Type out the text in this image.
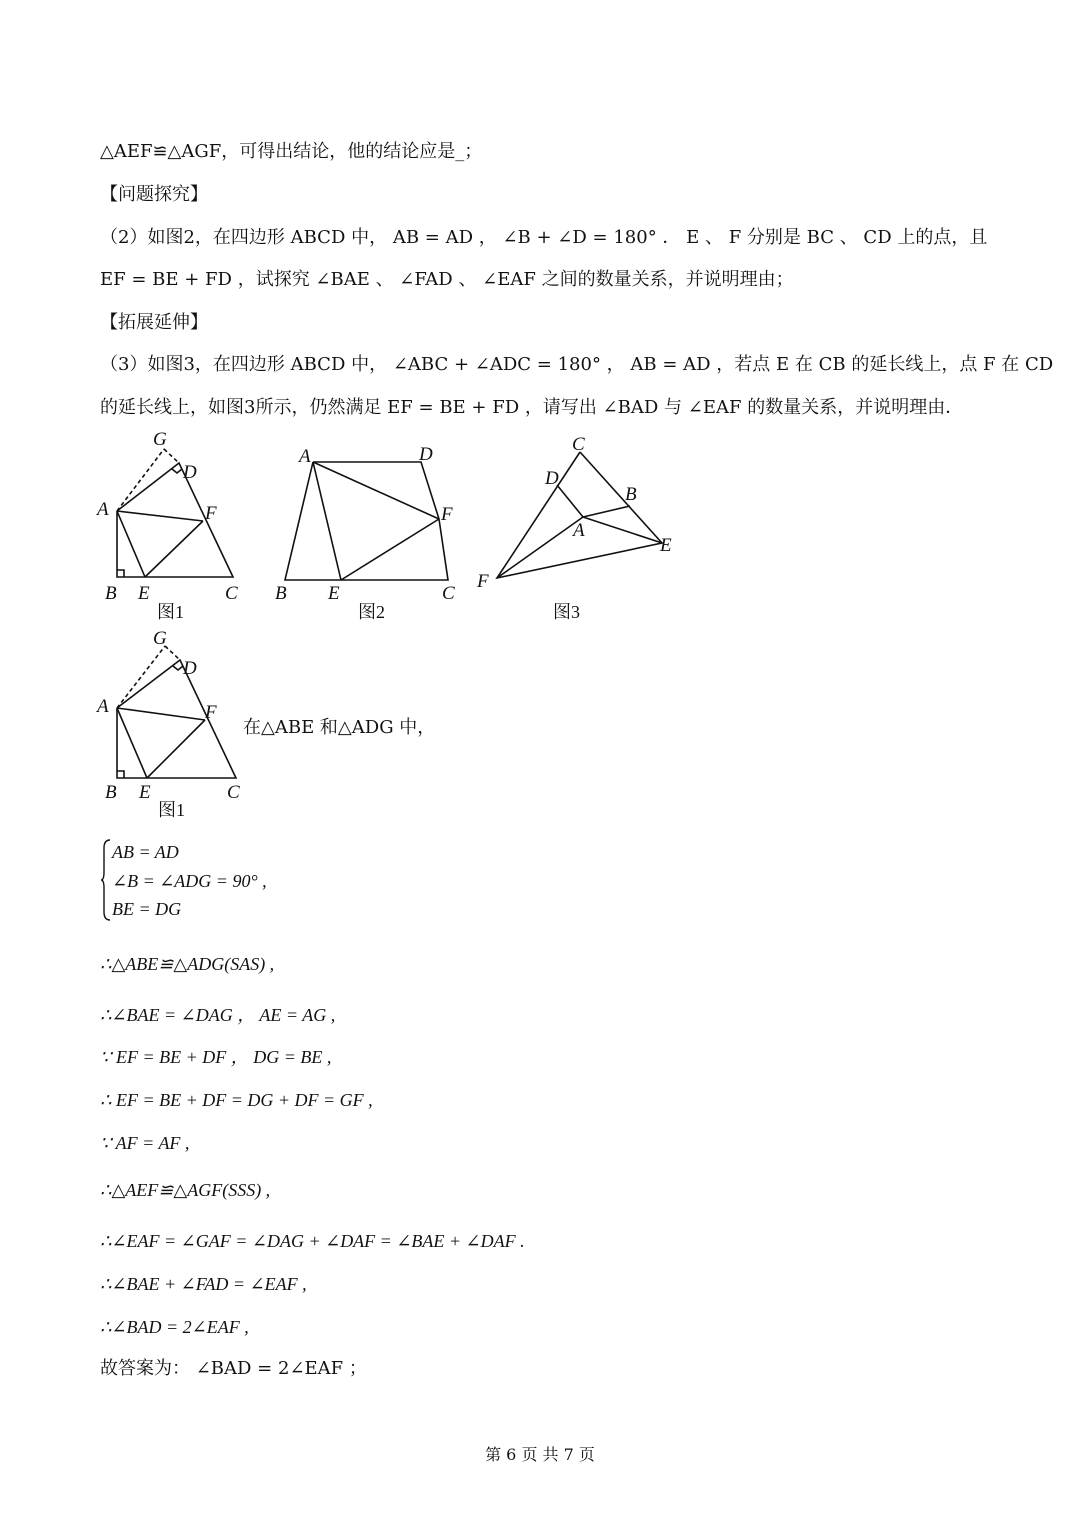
△AEF≌△AGF，可得出结论，他的结论应是_；
【问题探究】
（2）如图2，在四边形 ABCD 中， AB = AD ， ∠B + ∠D = 180° ． E 、 F 分别是 BC 、 CD 上的点，且
EF = BE + FD ，试探究 ∠BAE 、 ∠FAD 、 ∠EAF 之间的数量关系，并说明理由；
【拓展延伸】
（3）如图3，在四边形 ABCD 中， ∠ABC + ∠ADC = 180° ， AB = AD ，若点 E 在 CB 的延长线上，点 F 在 CD
的延长线上，如图3所示，仍然满足 EF = BE + FD ，请写出 ∠BAD 与 ∠EAF 的数量关系，并说明理由．
G
D
A	F
B E	C
图1
A	D
F
B E	C
图2
C
D
B
A
E
F
图3
G
D
A	F
B E	C
图1
在△ABE 和△ADG 中，
AB = AD
∠B = ∠ADG = 90° ,
BE = DG
∴△ABE≌△ADG(SAS) ,
∴∠BAE = ∠DAG ， AE = AG ,
∵ EF = BE + DF ， DG = BE ,
∴ EF = BE + DF = DG + DF = GF ,
∵ AF = AF ,
∴△AEF≌△AGF(SSS) ,
∴∠EAF = ∠GAF = ∠DAG + ∠DAF = ∠BAE + ∠DAF .
∴∠BAE + ∠FAD = ∠EAF ,
∴∠BAD = 2∠EAF ,
故答案为： ∠BAD = 2∠EAF ；
第 6 页 共 7 页
